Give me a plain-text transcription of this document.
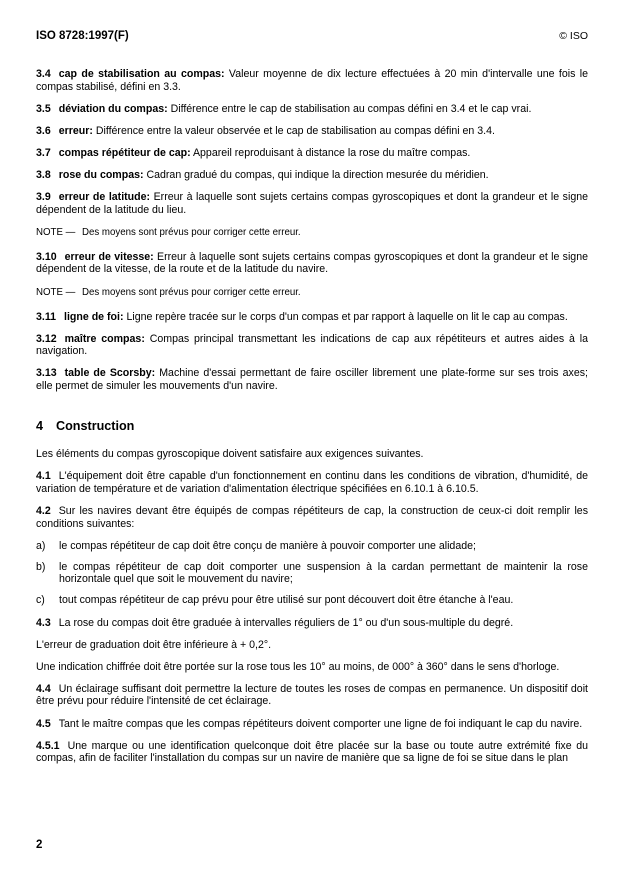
ISO 8728:1997(F)	© ISO

3.4 cap de stabilisation au compas: Valeur moyenne de dix lecture effectuées à 20 min d'intervalle une fois le compas stabilisé, défini en 3.3.

3.5 déviation du compas: Différence entre le cap de stabilisation au compas défini en 3.4 et le cap vrai.

3.6 erreur: Différence entre la valeur observée et le cap de stabilisation au compas défini en 3.4.

3.7 compas répétiteur de cap: Appareil reproduisant à distance la rose du maître compas.

3.8 rose du compas: Cadran gradué du compas, qui indique la direction mesurée du méridien.

3.9 erreur de latitude: Erreur à laquelle sont sujets certains compas gyroscopiques et dont la grandeur et le signe dépendent de la latitude du lieu.

NOTE — Des moyens sont prévus pour corriger cette erreur.

3.10 erreur de vitesse: Erreur à laquelle sont sujets certains compas gyroscopiques et dont la grandeur et le signe dépendent de la vitesse, de la route et de la latitude du navire.

NOTE — Des moyens sont prévus pour corriger cette erreur.

3.11 ligne de foi: Ligne repère tracée sur le corps d'un compas et par rapport à laquelle on lit le cap au compas.

3.12 maître compas: Compas principal transmettant les indications de cap aux répétiteurs et autres aides à la navigation.

3.13 table de Scorsby: Machine d'essai permettant de faire osciller librement une plate-forme sur ses trois axes; elle permet de simuler les mouvements d'un navire.

4 Construction

Les éléments du compas gyroscopique doivent satisfaire aux exigences suivantes.

4.1 L'équipement doit être capable d'un fonctionnement en continu dans les conditions de vibration, d'humidité, de variation de température et de variation d'alimentation électrique spécifiées en 6.10.1 à 6.10.5.

4.2 Sur les navires devant être équipés de compas répétiteurs de cap, la construction de ceux-ci doit remplir les conditions suivantes:

a)	le compas répétiteur de cap doit être conçu de manière à pouvoir comporter une alidade;
b)	le compas répétiteur de cap doit comporter une suspension à la cardan permettant de maintenir la rose horizontale quel que soit le mouvement du navire;
c)	tout compas répétiteur de cap prévu pour être utilisé sur pont découvert doit être étanche à l'eau.

4.3 La rose du compas doit être graduée à intervalles réguliers de 1° ou d'un sous-multiple du degré.

L'erreur de graduation doit être inférieure à + 0,2°.

Une indication chiffrée doit être portée sur la rose tous les 10° au moins, de 000° à 360° dans le sens d'horloge.

4.4 Un éclairage suffisant doit permettre la lecture de toutes les roses de compas en permanence. Un dispositif doit être prévu pour réduire l'intensité de cet éclairage.

4.5 Tant le maître compas que les compas répétiteurs doivent comporter une ligne de foi indiquant le cap du navire.

4.5.1 Une marque ou une identification quelconque doit être placée sur la base ou toute autre extrémité fixe du compas, afin de faciliter l'installation du compas sur un navire de manière que sa ligne de foi se situe dans le plan

2
